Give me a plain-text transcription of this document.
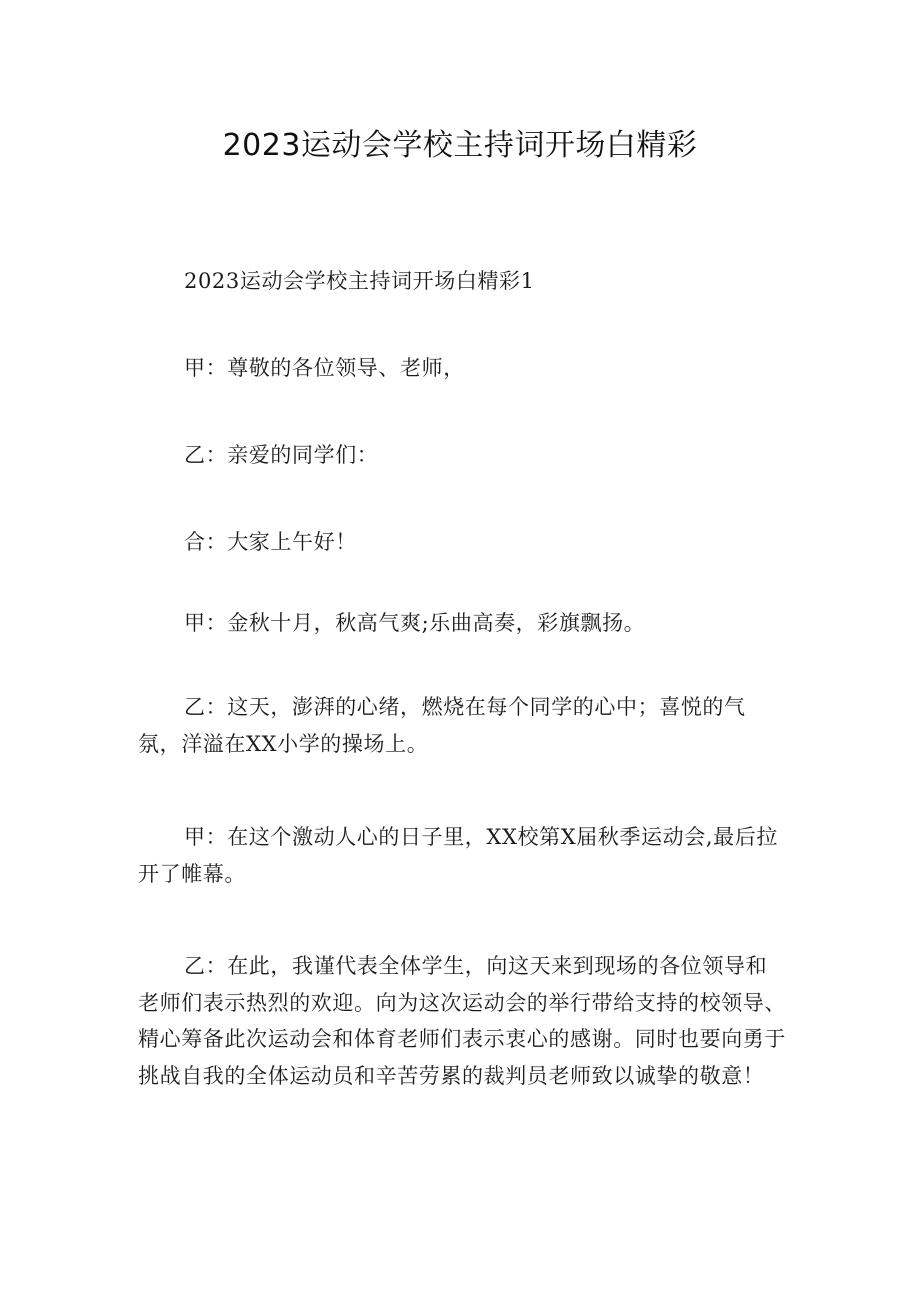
2023运动会学校主持词开场白精彩

2023运动会学校主持词开场白精彩1

甲：尊敬的各位领导、老师，

乙：亲爱的同学们：

合：大家上午好！

甲：金秋十月，秋高气爽;乐曲高奏，彩旗飘扬。

乙：这天，澎湃的心绪，燃烧在每个同学的心中；喜悦的气氛，洋溢在XX小学的操场上。

甲：在这个激动人心的日子里，XX校第X届秋季运动会,最后拉开了帷幕。

乙：在此，我谨代表全体学生，向这天来到现场的各位领导和老师们表示热烈的欢迎。向为这次运动会的举行带给支持的校领导、精心筹备此次运动会和体育老师们表示衷心的感谢。同时也要向勇于挑战自我的全体运动员和辛苦劳累的裁判员老师致以诚挚的敬意！
